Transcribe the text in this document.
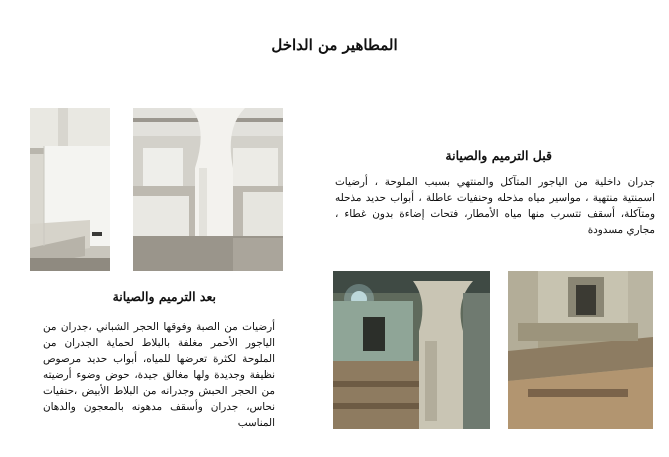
المطاهير من الداخل
بعد الترميم والصيانة
أرضيات من الصبة وفوقها الحجر الشباني ،جدران من الياجور الأحمر مغلفة بالبلاط لحماية الجدران من الملوحة لكثرة تعرضها للمياه، أبواب حديد مرصوص نظيفة وجديدة ولها مغالق جيدة، حوض وضوء أرضيته من الحجر الحبش وجدرانه من البلاط الأبيض ،حنفيات نحاس، جدران وأسقف مدهونه بالمعجون والدهان المناسب
قبل الترميم والصيانة
جدران داخلية من الياجور المتآكل والمنتهي بسبب الملوحة ، أرضيات اسمنتية منتهية ، مواسير مياه مذحله وحنفيات عاطلة ، أبواب حديد مذحله ومتآكلة، أسقف تتسرب منها مياه الأمطار، فتحات إضاءة بدون غطاء ، مجاري مسدودة
